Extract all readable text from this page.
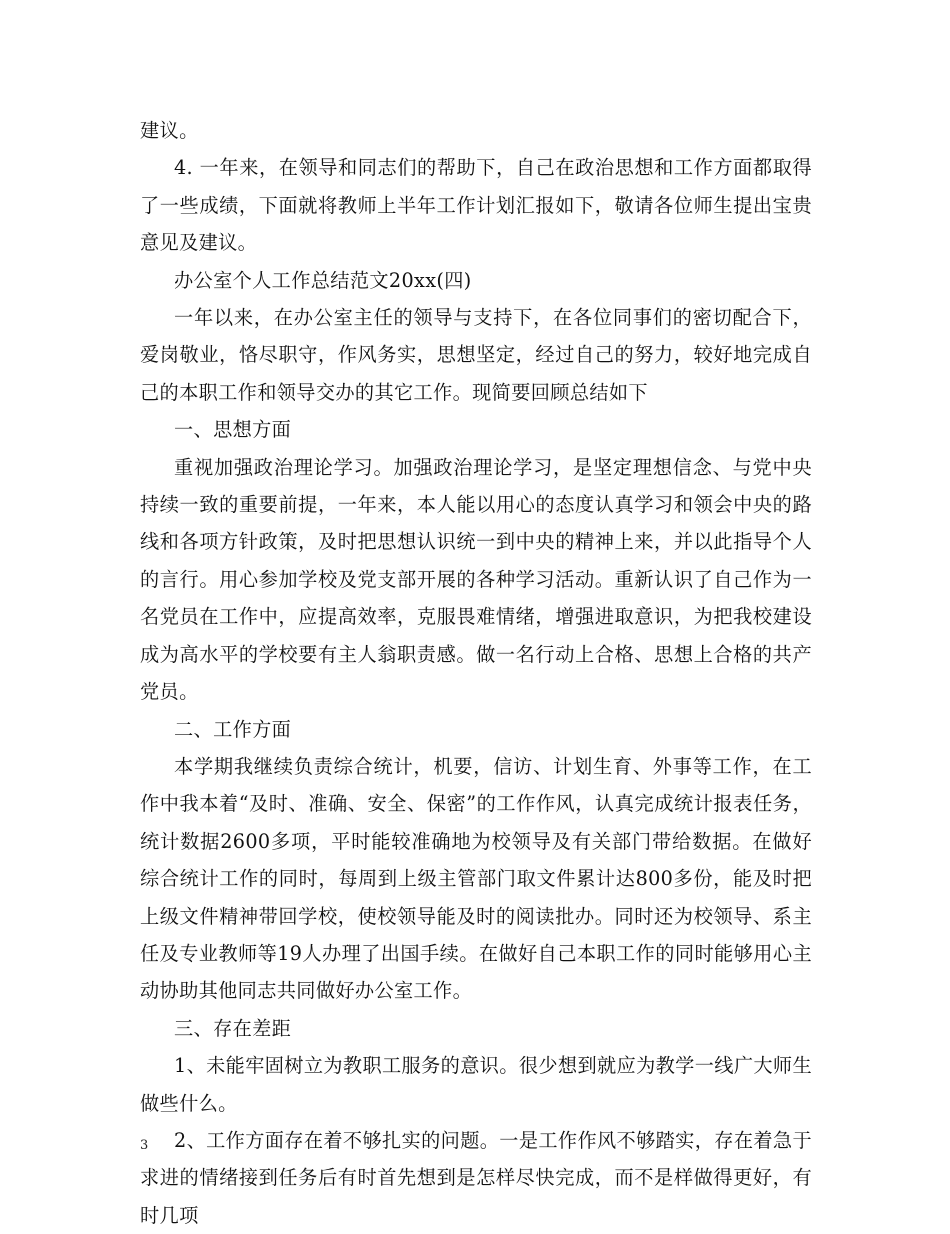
建议。

4. 一年来，在领导和同志们的帮助下，自己在政治思想和工作方面都取得了一些成绩，下面就将教师上半年工作计划汇报如下，敬请各位师生提出宝贵意见及建议。

办公室个人工作总结范文20xx(四)

一年以来，在办公室主任的领导与支持下，在各位同事们的密切配合下，爱岗敬业，恪尽职守，作风务实，思想坚定，经过自己的努力，较好地完成自己的本职工作和领导交办的其它工作。现简要回顾总结如下

一、思想方面

重视加强政治理论学习。加强政治理论学习，是坚定理想信念、与党中央持续一致的重要前提，一年来，本人能以用心的态度认真学习和领会中央的路线和各项方针政策，及时把思想认识统一到中央的精神上来，并以此指导个人的言行。用心参加学校及党支部开展的各种学习活动。重新认识了自己作为一名党员在工作中，应提高效率，克服畏难情绪，增强进取意识，为把我校建设成为高水平的学校要有主人翁职责感。做一名行动上合格、思想上合格的共产党员。

二、工作方面

本学期我继续负责综合统计，机要，信访、计划生育、外事等工作，在工作中我本着“及时、准确、安全、保密”的工作作风，认真完成统计报表任务，统计数据2600多项，平时能较准确地为校领导及有关部门带给数据。在做好综合统计工作的同时，每周到上级主管部门取文件累计达800多份，能及时把上级文件精神带回学校，使校领导能及时的阅读批办。同时还为校领导、系主任及专业教师等19人办理了出国手续。在做好自己本职工作的同时能够用心主动协助其他同志共同做好办公室工作。

三、存在差距

1、未能牢固树立为教职工服务的意识。很少想到就应为教学一线广大师生做些什么。

2、工作方面存在着不够扎实的问题。一是工作作风不够踏实，存在着急于求进的情绪接到任务后有时首先想到是怎样尽快完成，而不是样做得更好，有时几项

3
